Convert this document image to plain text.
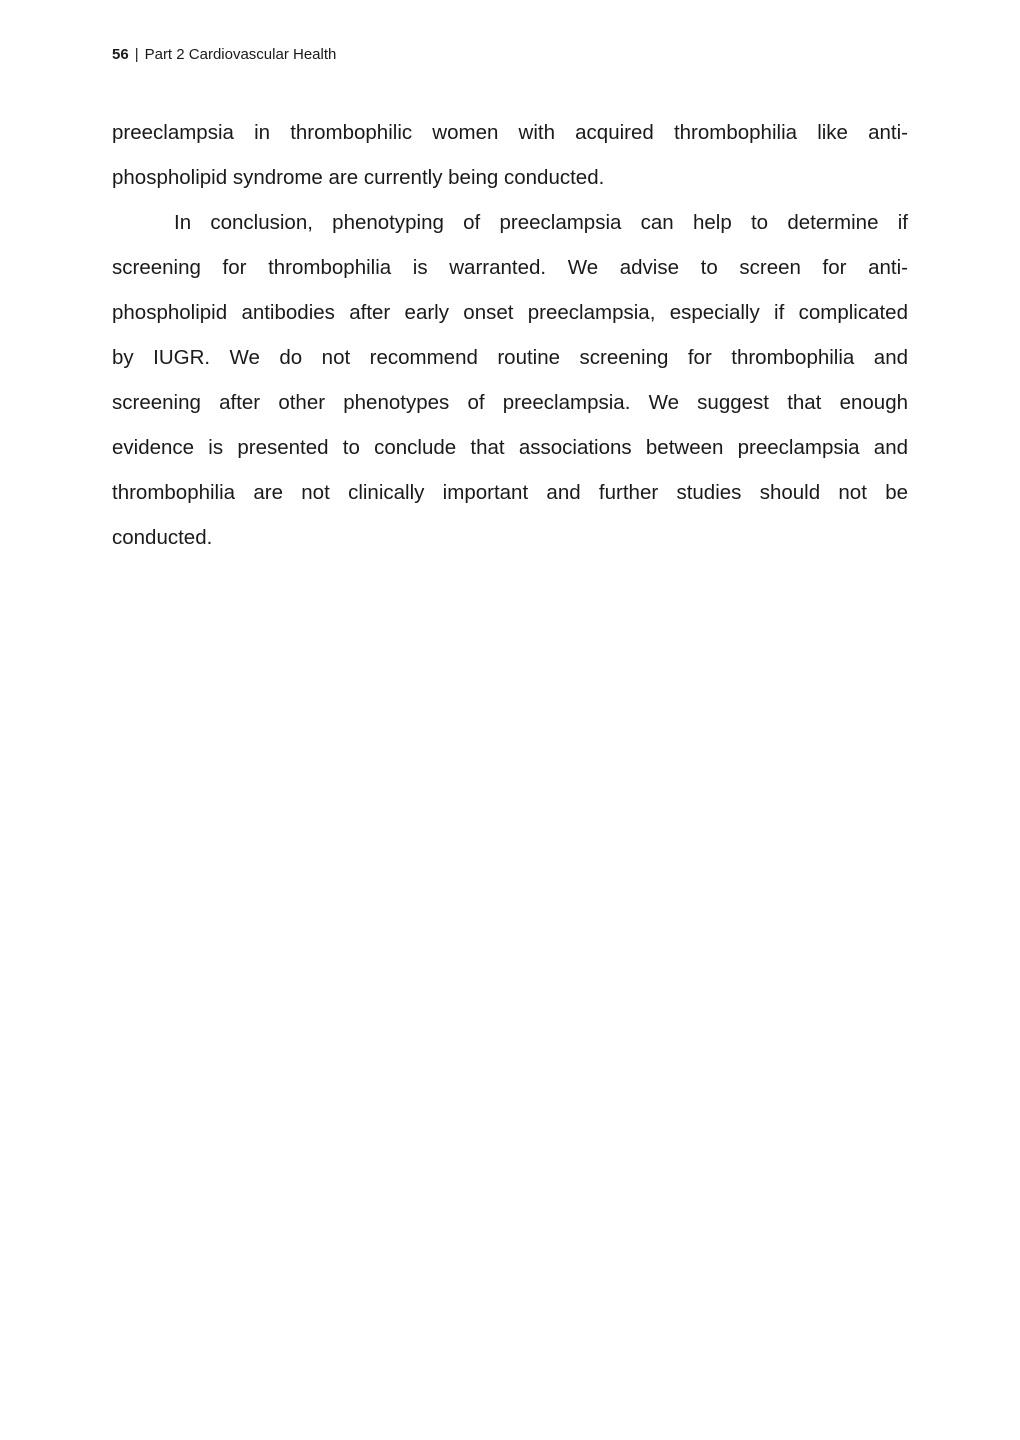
56 | Part 2 Cardiovascular Health
preeclampsia in thrombophilic women with acquired thrombophilia like anti-
phospholipid syndrome are currently being conducted.
In conclusion, phenotyping of preeclampsia can help to determine if
screening for thrombophilia is warranted. We advise to screen for anti-
phospholipid antibodies after early onset preeclampsia, especially if complicated
by IUGR. We do not recommend routine screening for thrombophilia and
screening after other phenotypes of preeclampsia. We suggest that enough
evidence is presented to conclude that associations between preeclampsia and
thrombophilia are not clinically important and further studies should not be
conducted.
